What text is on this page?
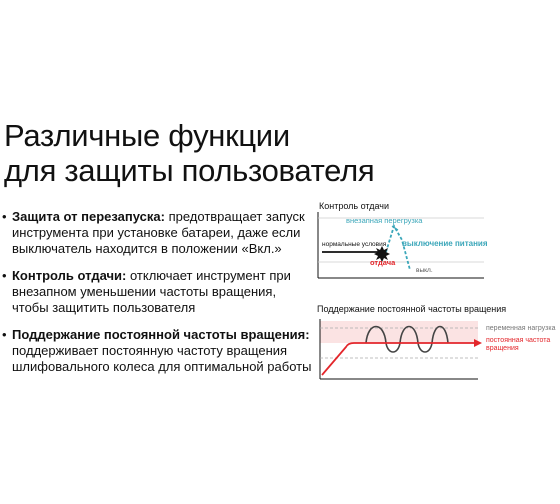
Различные функции
для защиты пользователя
• Защита от перезапуска: предотвращает запуск инструмента при установке батареи, даже если выключатель находится в положении «Вкл.»
• Контроль отдачи: отключает инструмент при внезапном уменьшении частоты вращения, чтобы защитить пользователя
• Поддержание постоянной частоты вращения: поддерживает постоянную частоту вращения шлифовального колеса для оптимальной работы
Контроль отдачи
внезапная перегрузка
нормальные условия выключение питания
отдача
выкл.
Поддержание постоянной частоты вращения
переменная нагрузка
постоянная частота вращения
